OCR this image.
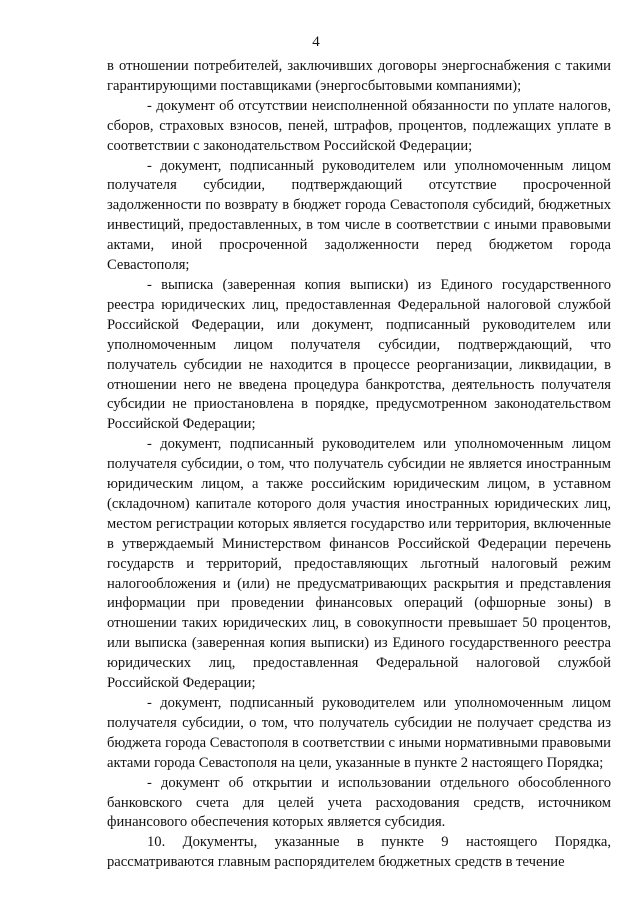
4

в отношении потребителей, заключивших договоры энергоснабжения с такими гарантирующими поставщиками (энергосбытовыми компаниями);

- документ об отсутствии неисполненной обязанности по уплате налогов, сборов, страховых взносов, пеней, штрафов, процентов, подлежащих уплате в соответствии с законодательством Российской Федерации;

- документ, подписанный руководителем или уполномоченным лицом получателя субсидии, подтверждающий отсутствие просроченной задолженности по возврату в бюджет города Севастополя субсидий, бюджетных инвестиций, предоставленных, в том числе в соответствии с иными правовыми актами, иной просроченной задолженности перед бюджетом города Севастополя;

- выписка (заверенная копия выписки) из Единого государственного реестра юридических лиц, предоставленная Федеральной налоговой службой Российской Федерации, или документ, подписанный руководителем или уполномоченным лицом получателя субсидии, подтверждающий, что получатель субсидии не находится в процессе реорганизации, ликвидации, в отношении него не введена процедура банкротства, деятельность получателя субсидии не приостановлена в порядке, предусмотренном законодательством Российской Федерации;

- документ, подписанный руководителем или уполномоченным лицом получателя субсидии, о том, что получатель субсидии не является иностранным юридическим лицом, а также российским юридическим лицом, в уставном (складочном) капитале которого доля участия иностранных юридических лиц, местом регистрации которых является государство или территория, включенные в утверждаемый Министерством финансов Российской Федерации перечень государств и территорий, предоставляющих льготный налоговый режим налогообложения и (или) не предусматривающих раскрытия и представления информации при проведении финансовых операций (офшорные зоны) в отношении таких юридических лиц, в совокупности превышает 50 процентов, или выписка (заверенная копия выписки) из Единого государственного реестра юридических лиц, предоставленная Федеральной налоговой службой Российской Федерации;

- документ, подписанный руководителем или уполномоченным лицом получателя субсидии, о том, что получатель субсидии не получает средства из бюджета города Севастополя в соответствии с иными нормативными правовыми актами города Севастополя на цели, указанные в пункте 2 настоящего Порядка;

- документ об открытии и использовании отдельного обособленного банковского счета для целей учета расходования средств, источником финансового обеспечения которых является субсидия.

10. Документы, указанные в пункте 9 настоящего Порядка, рассматриваются главным распорядителем бюджетных средств в течение
